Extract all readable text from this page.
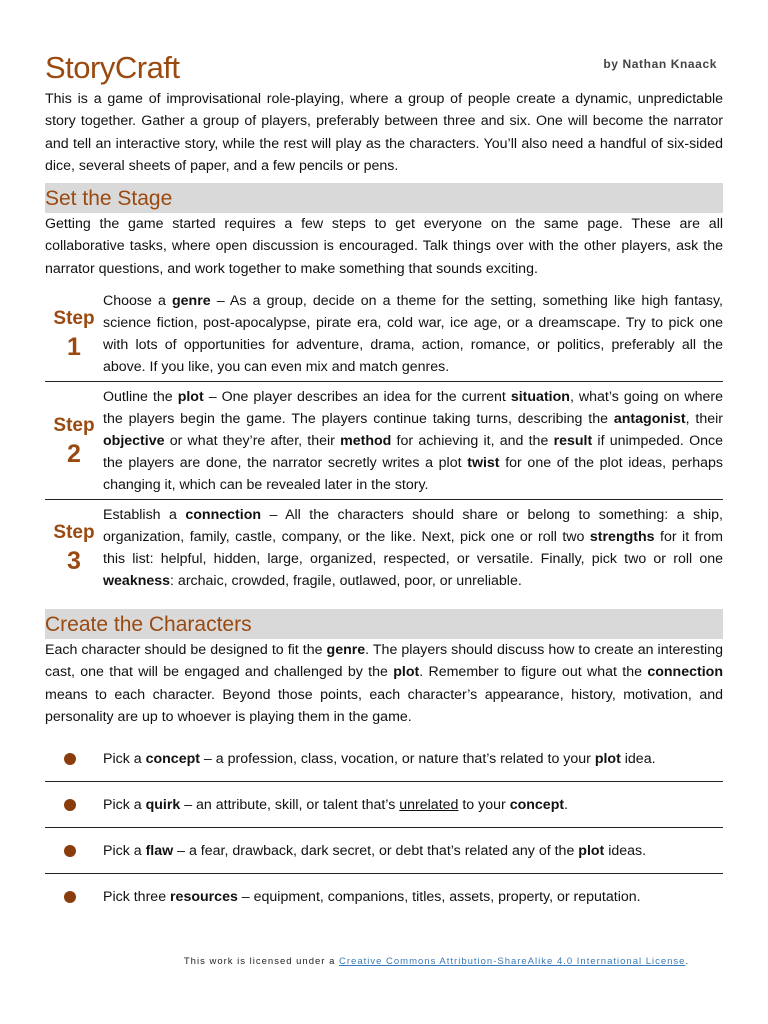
StoryCraft	by Nathan Knaack

This is a game of improvisational role-playing, where a group of people create a dynamic, unpredictable story together. Gather a group of players, preferably between three and six. One will become the narrator and tell an interactive story, while the rest will play as the characters. You’ll also need a handful of six-sided dice, several sheets of paper, and a few pencils or pens.

Set the Stage

Getting the game started requires a few steps to get everyone on the same page. These are all collaborative tasks, where open discussion is encouraged. Talk things over with the other players, ask the narrator questions, and work together to make something that sounds exciting.

Step
1
Choose a genre – As a group, decide on a theme for the setting, something like high fantasy, science fiction, post-apocalypse, pirate era, cold war, ice age, or a dreamscape. Try to pick one with lots of opportunities for adventure, drama, action, romance, or politics, preferably all the above. If you like, you can even mix and match genres.
Step
2
Outline the plot – One player describes an idea for the current situation, what’s going on where the players begin the game. The players continue taking turns, describing the antagonist, their objective or what they’re after, their method for achieving it, and the result if unimpeded. Once the players are done, the narrator secretly writes a plot twist for one of the plot ideas, perhaps changing it, which can be revealed later in the story.
Step
3
Establish a connection – All the characters should share or belong to something: a ship, organization, family, castle, company, or the like. Next, pick one or roll two strengths for it from this list: helpful, hidden, large, organized, respected, or versatile. Finally, pick two or roll one weakness: archaic, crowded, fragile, outlawed, poor, or unreliable.
Create the Characters

Each character should be designed to fit the genre. The players should discuss how to create an interesting cast, one that will be engaged and challenged by the plot. Remember to figure out what the connection means to each character. Beyond those points, each character’s appearance, history, motivation, and personality are up to whoever is playing them in the game.

Pick a concept – a profession, class, vocation, or nature that’s related to your plot idea.
Pick a quirk – an attribute, skill, or talent that’s unrelated to your concept.
Pick a flaw – a fear, drawback, dark secret, or debt that’s related any of the plot ideas.
Pick three resources – equipment, companions, titles, assets, property, or reputation.
This work is licensed under a Creative Commons Attribution-ShareAlike 4.0 International License.
